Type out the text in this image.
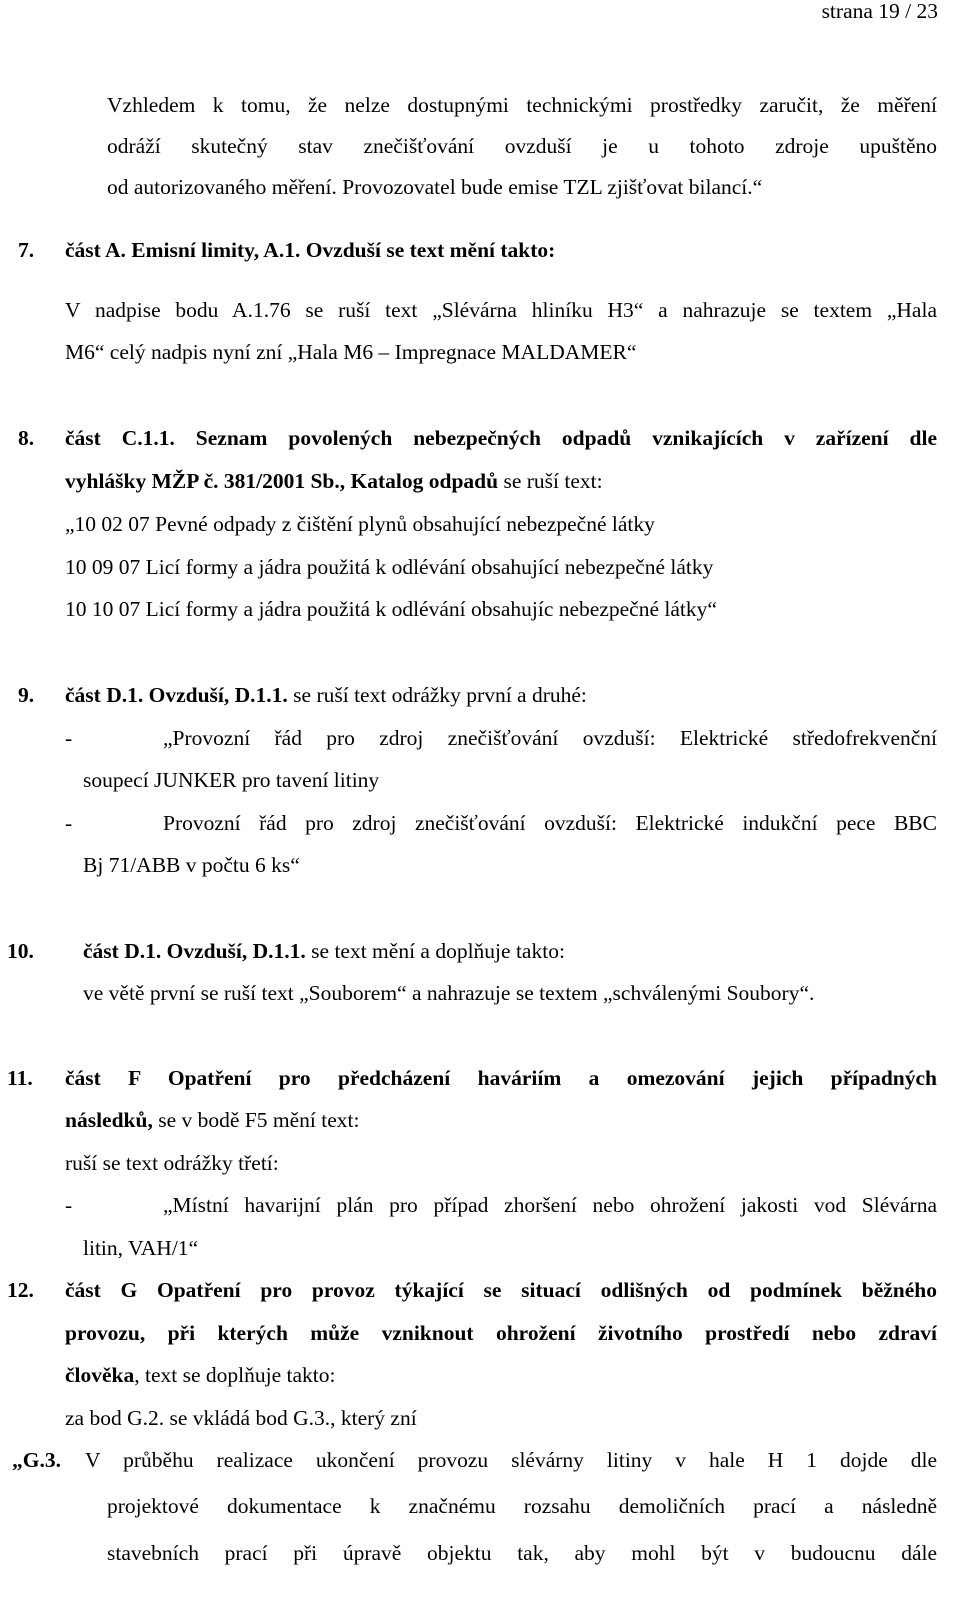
strana 19 / 23
Vzhledem k tomu, že nelze dostupnými technickými prostředky zaručit, že měření
odráží skutečný stav znečišťování ovzduší je u tohoto zdroje upuštěno
od autorizovaného měření. Provozovatel bude emise TZL zjišťovat bilancí.“
7. část A. Emisní limity, A.1. Ovzduší se text mění takto:
V nadpise bodu A.1.76 se ruší text „Slévárna hliníku H3“ a nahrazuje se textem „Hala
M6“ celý nadpis nyní zní „Hala M6 – Impregnace MALDAMER“
8. část C.1.1. Seznam povolených nebezpečných odpadů vznikajících v zařízení dle
vyhlášky MŽP č. 381/2001 Sb., Katalog odpadů se ruší text:
„10 02 07 Pevné odpady z čištění plynů obsahující nebezpečné látky
10 09 07 Licí formy a jádra použitá k odlévání obsahující nebezpečné látky
10 10 07 Licí formy a jádra použitá k odlévání obsahujíc nebezpečné látky“
9. část D.1. Ovzduší, D.1.1. se ruší text odrážky první a druhé:
-	„Provozní řád pro zdroj znečišťování ovzduší: Elektrické středofrekvenční
soupecí JUNKER pro tavení litiny
-	Provozní řád pro zdroj znečišťování ovzduší: Elektrické indukční pece BBC
Bj 71/ABB v počtu 6 ks“
10. část D.1. Ovzduší, D.1.1. se text mění a doplňuje takto:
ve větě první se ruší text „Souborem“ a nahrazuje se textem „schválenými Soubory“.
11. část F Opatření pro předcházení haváriím a omezování jejich případných
následků, se v bodě F5 mění text:
ruší se text odrážky třetí:
-	„Místní havarijní plán pro případ zhoršení nebo ohrožení jakosti vod Slévárna
litin, VAH/1“
12. část G Opatření pro provoz týkající se situací odlišných od podmínek běžného
provozu, při kterých může vzniknout ohrožení životního prostředí nebo zdraví
člověka, text se doplňuje takto:
za bod G.2. se vkládá bod G.3., který zní
„G.3. V průběhu realizace ukončení provozu slévárny litiny v hale H 1 dojde dle
projektové dokumentace k značnému rozsahu demoličních prací a následně
stavebních prací při úpravě objektu tak, aby mohl být v budoucnu dále
